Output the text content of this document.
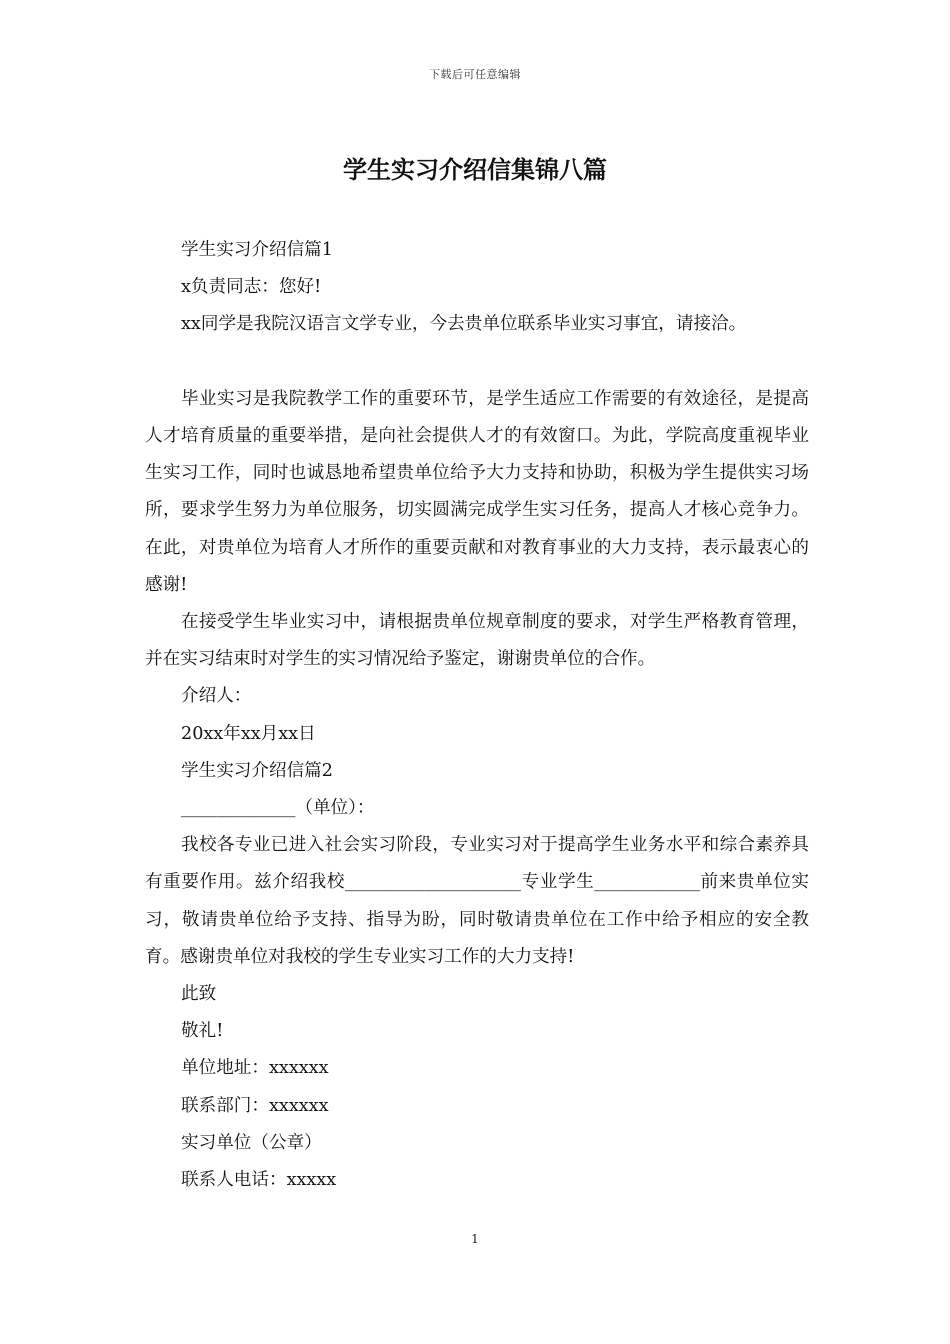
下载后可任意编辑
学生实习介绍信集锦八篇

学生实习介绍信篇1

x负责同志：您好!

xx同学是我院汉语言文学专业，今去贵单位联系毕业实习事宜，请接洽。

毕业实习是我院教学工作的重要环节，是学生适应工作需要的有效途径，是提高人才培育质量的重要举措，是向社会提供人才的有效窗口。为此，学院高度重视毕业生实习工作，同时也诚恳地希望贵单位给予大力支持和协助，积极为学生提供实习场所，要求学生努力为单位服务，切实圆满完成学生实习任务，提高人才核心竞争力。在此，对贵单位为培育人才所作的重要贡献和对教育事业的大力支持，表示最衷心的感谢!

在接受学生毕业实习中，请根据贵单位规章制度的要求，对学生严格教育管理，并在实习结束时对学生的实习情况给予鉴定，谢谢贵单位的合作。

介绍人：

20xx年xx月xx日

学生实习介绍信篇2

_____________（单位）：

我校各专业已进入社会实习阶段，专业实习对于提高学生业务水平和综合素养具有重要作用。兹介绍我校____________________专业学生____________前来贵单位实习，敬请贵单位给予支持、指导为盼，同时敬请贵单位在工作中给予相应的安全教育。感谢贵单位对我校的学生专业实习工作的大力支持!

此致

敬礼!

单位地址：xxxxxx

联系部门：xxxxxx

实习单位（公章）

联系人电话：xxxxx

1
